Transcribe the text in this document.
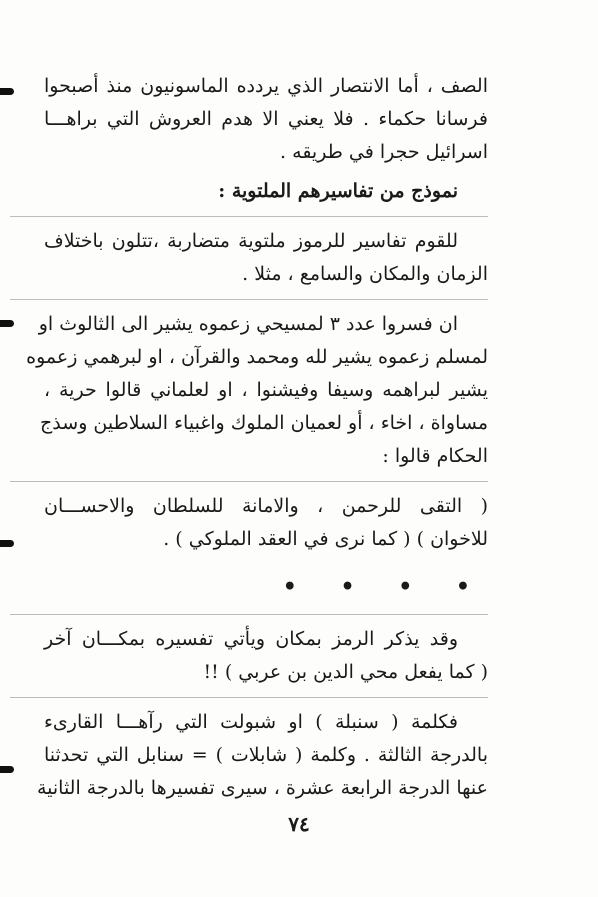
الصف ، أما الانتصار الذي يردده الماسونيون منذ أصبحوا
فرسانا حكماء . فلا يعني الا هدم العروش التي براهـــا
اسرائيل حجرا في طريقه .
نموذج من تفاسيرهم الملتوية :
للقوم تفاسير للرموز ملتوية متضاربة ،تتلون باختلاف
الزمان والمكان والسامع ، مثلا .
ان فسروا عدد ٣ لمسيحي زعموه يشير الى الثالوث او
لمسلم زعموه يشير لله ومحمد والقرآن ، او لبرهمي زعموه
يشير لبراهمه وسيفا وفيشنوا ، او لعلماني قالوا حرية ،
مساواة ، اخاء ، أو لعميان الملوك واغبياء السلاطين وسذج
الحكام قالوا :
( التقى للرحمن ، والامانة للسلطان والاحســـان
للاخوان ) ( كما نرى في العقد الملوكي ) .
• • • •
وقد يذكر الرمز بمكان ويأتي تفسيره بمكـــان آخر
( كما يفعل محي الدين بن عربي ) !!
فكلمة ( سنبلة ) او شبولت التي رآهـــا القارىء
بالدرجة الثالثة . وكلمة ( شابلات ) = سنابل التي تحدثنا
عنها الدرجة الرابعة عشرة ، سيرى تفسيرها بالدرجة الثانية
٧٤
